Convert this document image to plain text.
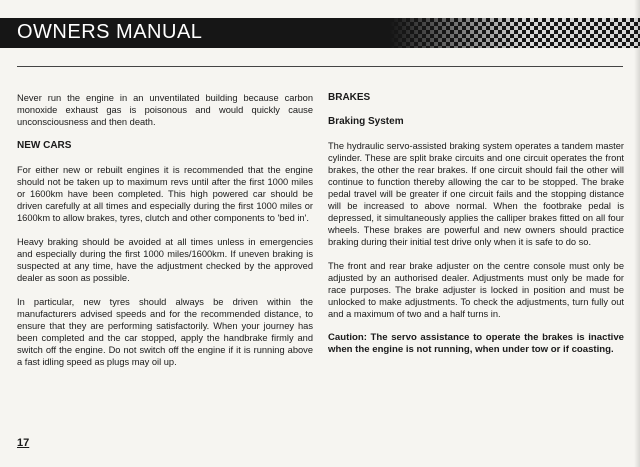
OWNERS MANUAL

Never run the engine in an unventilated building because carbon monoxide exhaust gas is poisonous and would quickly cause unconsciousness and then death.

NEW CARS

For either new or rebuilt engines it is recommended that the engine should not be taken up to maximum revs until after the first 1000 miles or 1600km have been completed. This high powered car should be driven carefully at all times and especially during the first 1000 miles or 1600km to allow brakes, tyres, clutch and other components to 'bed in'.

Heavy braking should be avoided at all times unless in emergencies and especially during the first 1000 miles/1600km. If uneven braking is suspected at any time, have the adjustment checked by the approved dealer as soon as possible.

In particular, new tyres should always be driven within the manufacturers advised speeds and for the recommended distance, to ensure that they are performing satisfactorily. When your journey has been completed and the car stopped, apply the handbrake firmly and switch off the engine. Do not switch off the engine if it is running above a fast idling speed as plugs may oil up.

BRAKES
Braking System

The hydraulic servo-assisted braking system operates a tandem master cylinder. These are split brake circuits and one circuit operates the front brakes, the other the rear brakes. If one circuit should fail the other will continue to function thereby allowing the car to be stopped. The brake pedal travel will be greater if one circuit fails and the stopping distance will be increased to above normal. When the footbrake pedal is depressed, it simultaneously applies the calliper brakes fitted on all four wheels. These brakes are powerful and new owners should practice braking during their initial test drive only when it is safe to do so.

The front and rear brake adjuster on the centre console must only be adjusted by an authorised dealer. Adjustments must only be made for race purposes. The brake adjuster is locked in position and must be unlocked to make adjustments. To check the adjustments, turn fully out and a maximum of two and a half turns in.

Caution: The servo assistance to operate the brakes is inactive when the engine is not running, when under tow or if coasting.

17
